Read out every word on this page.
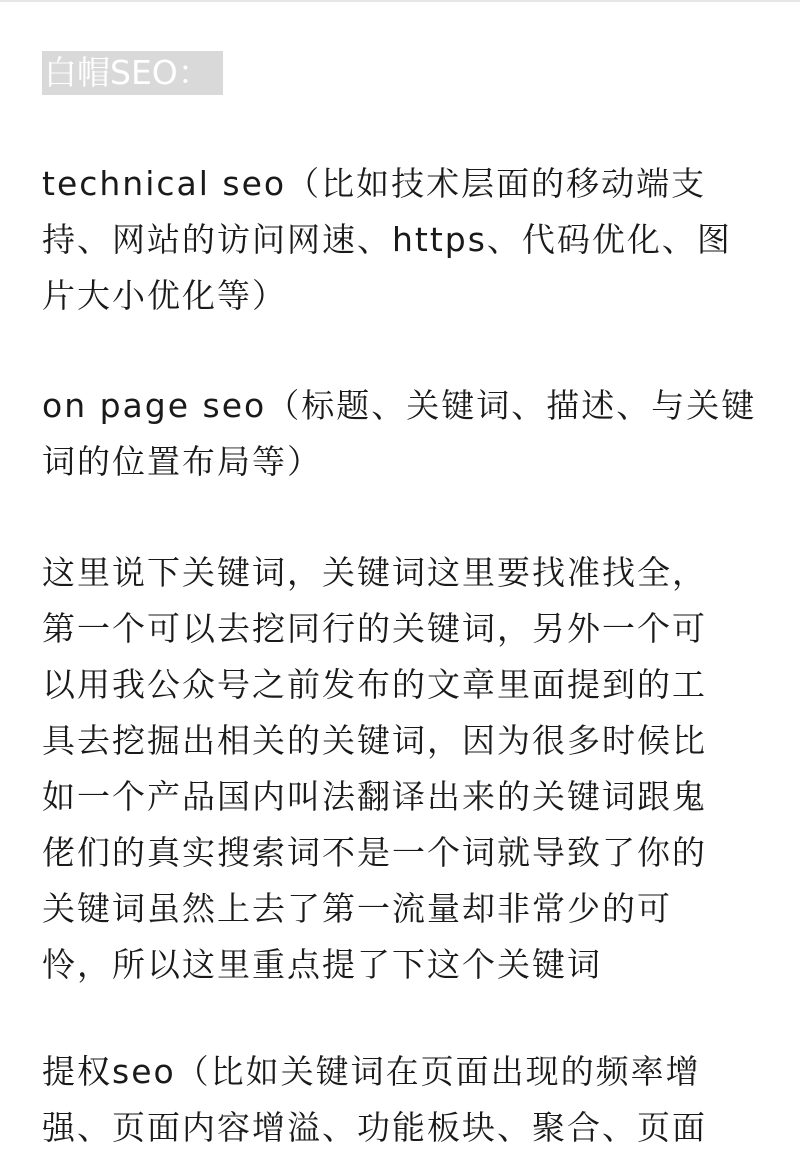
白帽SEO：

technical seo（比如技术层面的移动端支
持、网站的访问网速、https、代码优化、图
片大小优化等）

on page seo（标题、关键词、描述、与关键
词的位置布局等）

这里说下关键词，关键词这里要找准找全，
第一个可以去挖同行的关键词，另外一个可
以用我公众号之前发布的文章里面提到的工
具去挖掘出相关的关键词，因为很多时候比
如一个产品国内叫法翻译出来的关键词跟鬼
佬们的真实搜索词不是一个词就导致了你的
关键词虽然上去了第一流量却非常少的可
怜，所以这里重点提了下这个关键词

提权seo（比如关键词在页面出现的频率增
强、页面内容增溢、功能板块、聚合、页面
